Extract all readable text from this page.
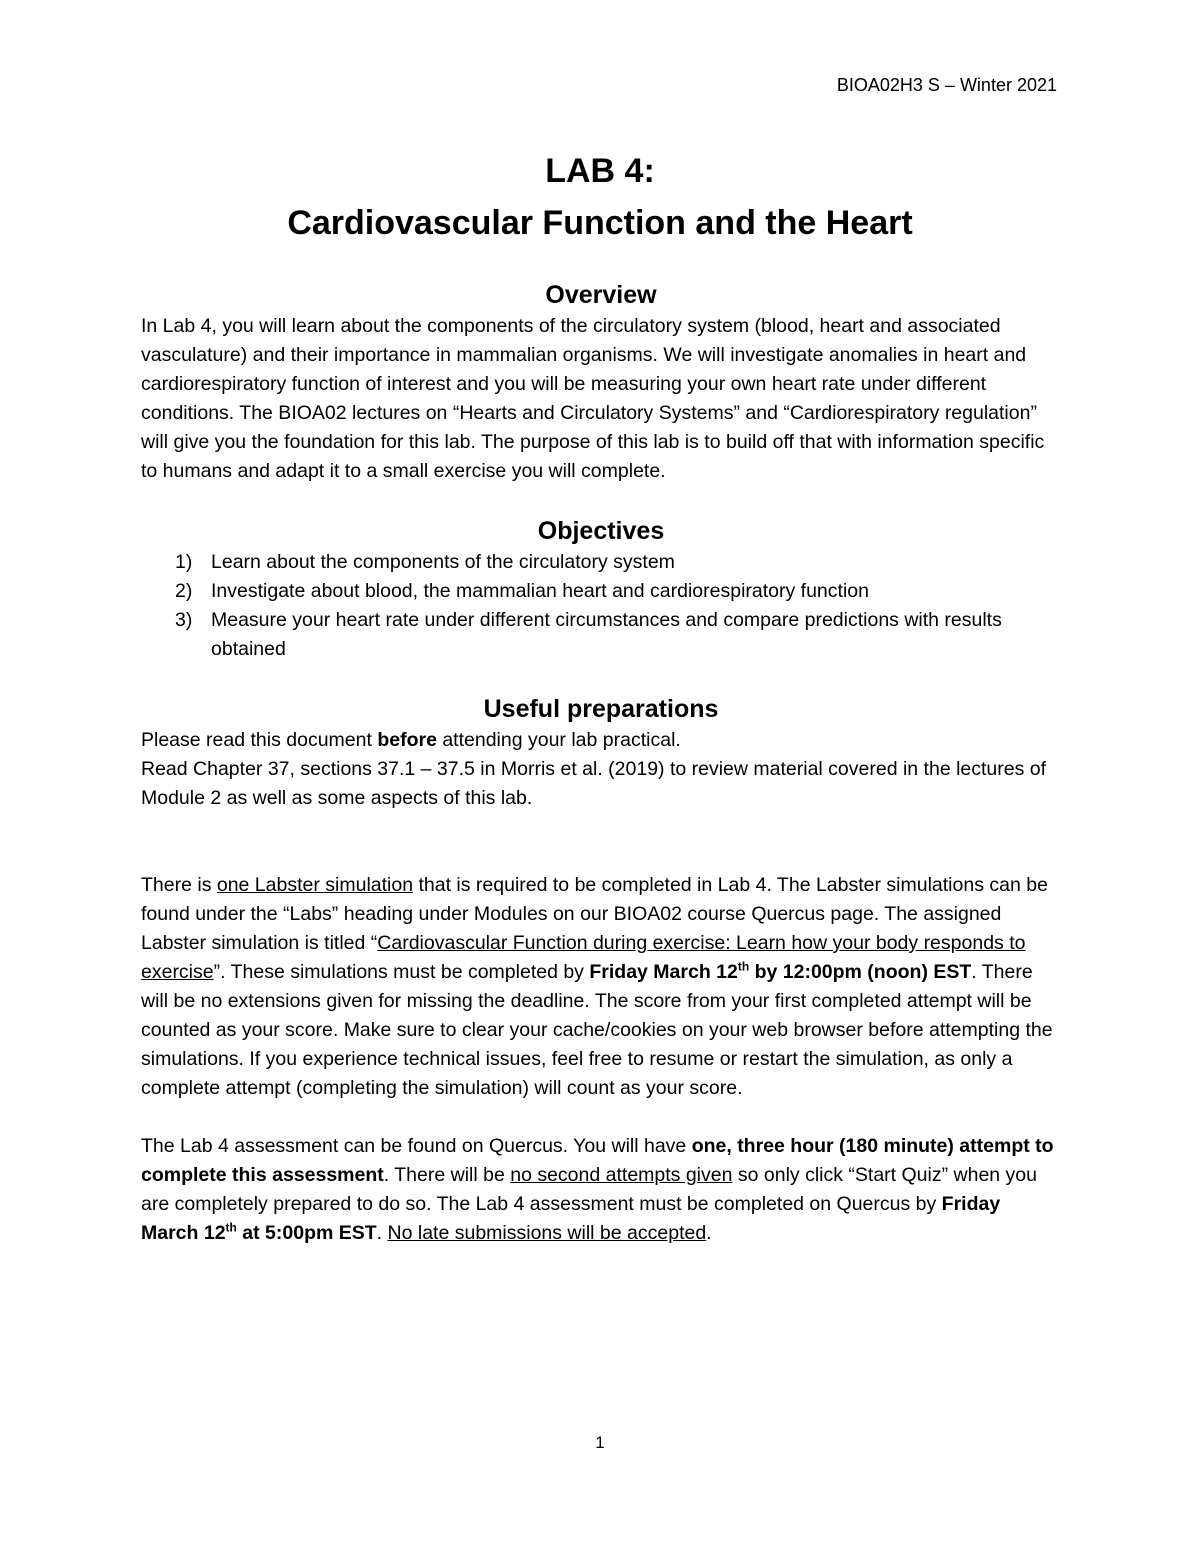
BIOA02H3 S – Winter 2021
LAB 4:
Cardiovascular Function and the Heart
Overview

In Lab 4, you will learn about the components of the circulatory system (blood, heart and associated vasculature) and their importance in mammalian organisms. We will investigate anomalies in heart and cardiorespiratory function of interest and you will be measuring your own heart rate under different conditions. The BIOA02 lectures on “Hearts and Circulatory Systems” and “Cardiorespiratory regulation” will give you the foundation for this lab. The purpose of this lab is to build off that with information specific to humans and adapt it to a small exercise you will complete.

Objectives
1) Learn about the components of the circulatory system
2) Investigate about blood, the mammalian heart and cardiorespiratory function
3) Measure your heart rate under different circumstances and compare predictions with results obtained
Useful preparations

Please read this document before attending your lab practical.

Read Chapter 37, sections 37.1 – 37.5 in Morris et al. (2019) to review material covered in the lectures of Module 2 as well as some aspects of this lab.

There is one Labster simulation that is required to be completed in Lab 4. The Labster simulations can be found under the “Labs” heading under Modules on our BIOA02 course Quercus page. The assigned Labster simulation is titled “Cardiovascular Function during exercise: Learn how your body responds to exercise”. These simulations must be completed by Friday March 12th by 12:00pm (noon) EST. There will be no extensions given for missing the deadline. The score from your first completed attempt will be counted as your score. Make sure to clear your cache/cookies on your web browser before attempting the simulations. If you experience technical issues, feel free to resume or restart the simulation, as only a complete attempt (completing the simulation) will count as your score.

The Lab 4 assessment can be found on Quercus. You will have one, three hour (180 minute) attempt to complete this assessment. There will be no second attempts given so only click “Start Quiz” when you are completely prepared to do so. The Lab 4 assessment must be completed on Quercus by Friday March 12th at 5:00pm EST. No late submissions will be accepted.

1
